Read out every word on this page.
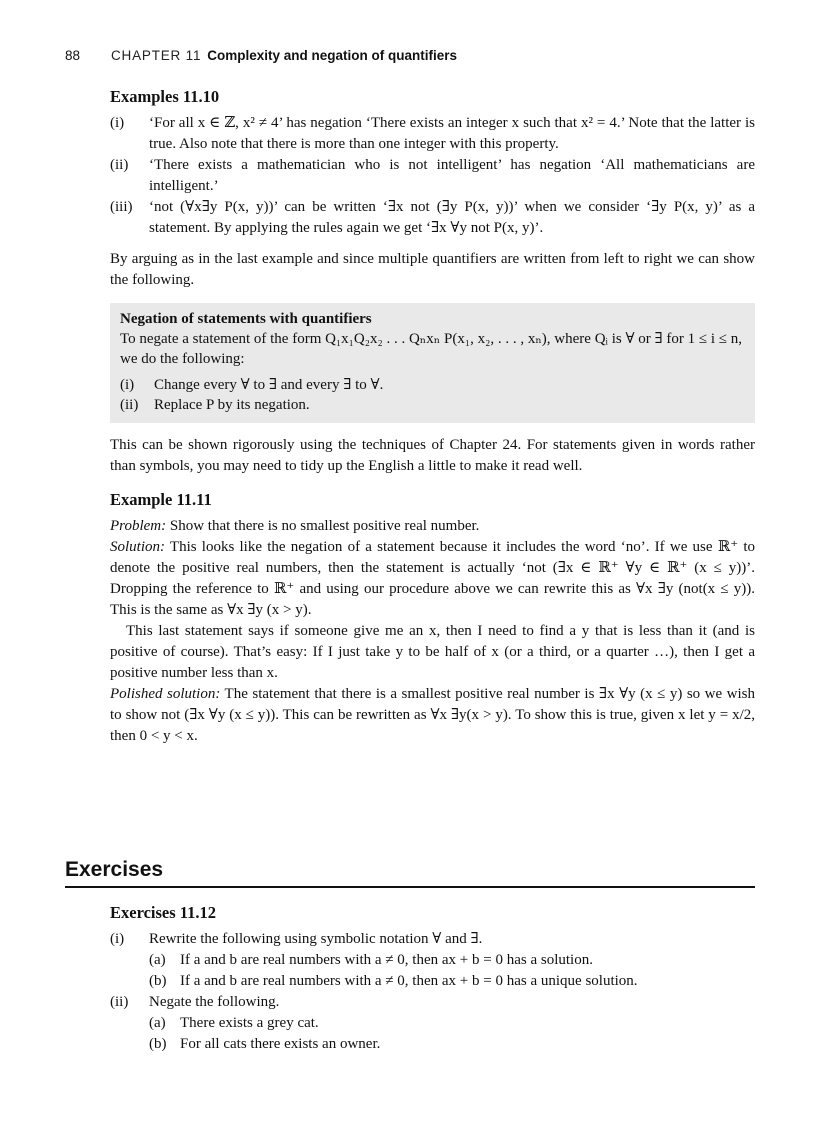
88 CHAPTER 11 Complexity and negation of quantifiers
Examples 11.10
(i)	‘For all x ∈ ℤ, x² ≠ 4’ has negation ‘There exists an integer x such that x² = 4.’ Note that the latter is true. Also note that there is more than one integer with this property.
(ii)	‘There exists a mathematician who is not intelligent’ has negation ‘All mathematicians are intelligent.’
(iii)	‘not (∀x∃y P(x, y))’ can be written ‘∃x not (∃y P(x, y))’ when we consider ‘∃y P(x, y)’ as a statement. By applying the rules again we get ‘∃x ∀y not P(x, y)’.

By arguing as in the last example and since multiple quantifiers are written from left to right we can show the following.

Negation of statements with quantifiers
To negate a statement of the form Q₁x₁Q₂x₂ . . . Qₙxₙ P(x₁, x₂, . . . , xₙ), where Qᵢ is ∀ or ∃ for 1 ≤ i ≤ n, we do the following:
(i) Change every ∀ to ∃ and every ∃ to ∀.
(ii) Replace P by its negation.

This can be shown rigorously using the techniques of Chapter 24. For statements given in words rather than symbols, you may need to tidy up the English a little to make it read well.

Example 11.11

Problem: Show that there is no smallest positive real number.

Solution: This looks like the negation of a statement because it includes the word ‘no’. If we use ℝ⁺ to denote the positive real numbers, then the statement is actually ‘not (∃x ∈ ℝ⁺ ∀y ∈ ℝ⁺ (x ≤ y))’. Dropping the reference to ℝ⁺ and using our procedure above we can rewrite this as ∀x ∃y (not(x ≤ y)). This is the same as ∀x ∃y (x > y).

This last statement says if someone give me an x, then I need to find a y that is less than it (and is positive of course). That’s easy: If I just take y to be half of x (or a third, or a quarter …), then I get a positive number less than x.

Polished solution: The statement that there is a smallest positive real number is ∃x ∀y (x ≤ y) so we wish to show not (∃x ∀y (x ≤ y)). This can be rewritten as ∀x ∃y(x > y). To show this is true, given x let y = x/2, then 0 < y < x.

Exercises
Exercises 11.12
(i)	Rewrite the following using symbolic notation ∀ and ∃.
(a) If a and b are real numbers with a ≠ 0, then ax + b = 0 has a solution.
(b) If a and b are real numbers with a ≠ 0, then ax + b = 0 has a unique solution.
(ii)	Negate the following.
(a) There exists a grey cat.
(b) For all cats there exists an owner.
